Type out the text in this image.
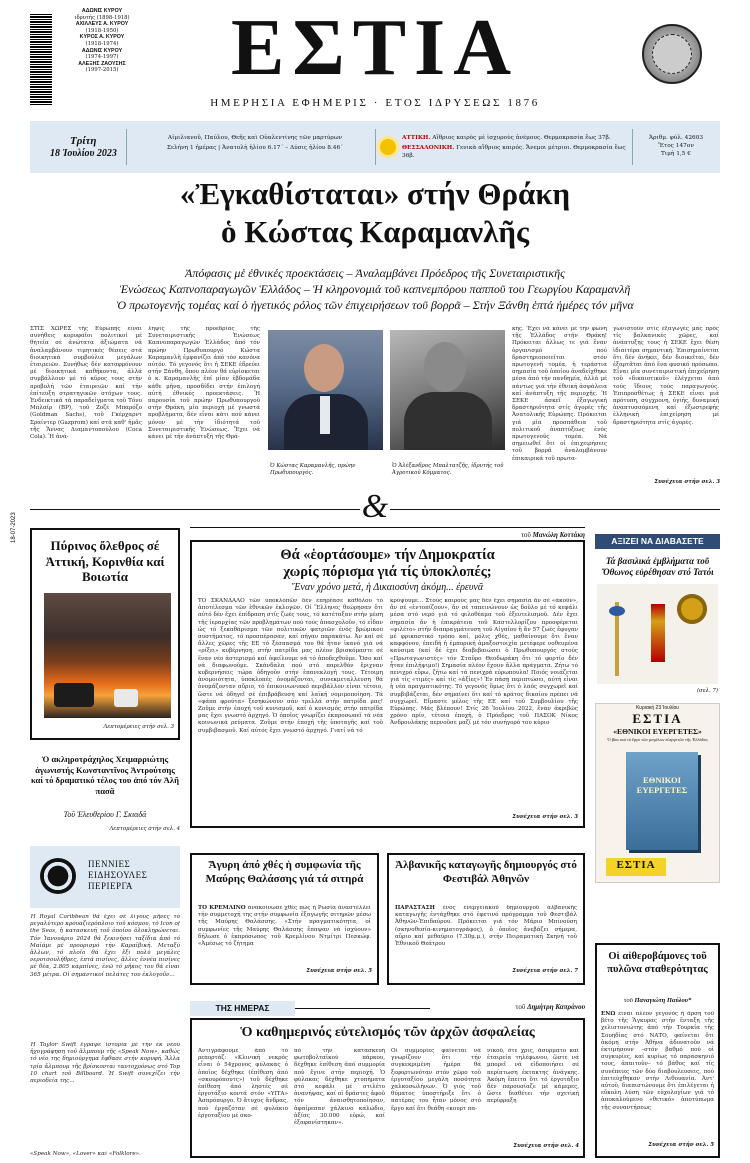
ΑΔΩΝΙΣ ΚΥΡΟΥ
ιδρυτής (1898-1918)
ΑΧΙΛΛΕΥΣ Α. ΚΥΡΟΥ
(1918-1950)
ΚΥΡΟΣ Α. ΚΥΡΟΥ
(1918-1974)
ΑΔΩΝΙΣ ΚΥΡΟΥ
(1974-1997)
ΑΛΕΞΗΣ ΖΑΟΥΣΗΣ
(1997-2015)	ΕΣΤΙΑ
ΗΜΕΡΗΣΙΑ ΕΦΗΜΕΡΙΣ · ΕΤΟΣ ΙΔΡΥΣΕΩΣ 1876
18-07-2023
Τρίτη
18 Ἰουλίου 2023
Αἰμιλιανοῦ, Παύλου, Θεῆς καὶ Οὐαλεντίνης τῶν μαρτύρων
Σελήνη 1 ἡμέρας | Ἀνατολὴ ἡλίου 6.17΄ – Δύσις ἡλίου 8.46΄
ΑΤΤΙΚΗ. Αἴθριος καιρὸς μὲ ἰσχυροὺς ἀνέμους. Θερμοκρασία ἕως 37β.
ΘΕΣΣΑΛΟΝΙΚΗ. Γενικὰ αἴθριος καιρός. Ἄνεμοι μέτριοι. Θερμοκρασία ἕως 36β.
Ἀριθμ. φύλ. 42603
Ἔτος 147ον
Τιμὴ 1,5 €
«Ἐγκαθίσταται» στήν Θράκη
ὁ Κώστας Καραμανλῆς
Ἀπόφασις μὲ ἐθνικές προεκτάσεις – Ἀναλαμβάνει Πρόεδρος τῆς Συνεταιριστικῆς
Ἑνώσεως Καπνοπαραγωγῶν Ἑλλάδος – Ἡ κληρονομιά τοῦ καπνεμπόρου παπποῦ του Γεωργίου Καραμανλῆ
Ὁ πρωτογενής τομέας καί ὁ ἡγετικός ρόλος τῶν ἐπιχειρήσεων τοῦ βορρᾶ – Στήν Ξάνθη ἑπτά ἡμέρες τόν μῆνα
ΣΤΙΣ ΧΩΡΕΣ τῆς Εὐρώπης εἶναι συνήθεις κορυφαῖοι πολιτικοί μέ θητεία σέ ἀνώτατα ἀξιώματα νά ἀναλαμβάνουν τιμητικές θέσεις στά διοικητικά συμβούλια μεγάλων ἑταιρειῶν. Συνήθως δέν καταφρόνουν μέ διοικητικά καθήκοντα, ἀλλά συμβάλλουν μέ τό κῦρος τους στήν προβολή τῶν ἑταιρειῶν καί τήν ἐπίτευξη στρατηγικῶν στόχων τους. Ἐνδεικτικά τά παραδείγματα τοῦ Τόνυ Μπλαίρ (BP), τοῦ Ζοζέ Μπαρόζο (Goldman Sachs), τοῦ Γκέρχαρντ Σραίντερ (Gazprom) καί στά καθ' ἡμᾶς τῆς Ἄννας Διαμαντοπούλου (Coca Cola). Ἡ ἀνά-
ληψις τῆς προεδρίας τῆς Συνεταιριστικῆς Ἑνώσεως Καπνοπαραγωγῶν Ἑλλάδος ἀπό τόν πρώην Πρωθυπουργό Κώστα Καραμανλῆ ἐμφανίζει ἀπό τόν κανόνα αὐτόν. Τό γεγονός ὅτι ἡ ΣΕΚΕ ἑδρεύει στήν Ξάνθη, ὅπου πλέον θά εὑρίσκεται ὁ κ. Καραμανλῆς ἐπί μίαν ἑβδομάδα κάθε μῆνα, προσδίδει στήν ἐπιλογή αὐτή ἐθνικές προεκτάσεις. Ἡ παρουσία τοῦ πρώην Πρωθυπουργοῦ στήν Θράκη, μία περιοχή μέ γνωστά προβλήματα, δέν εἶναι κάτι πού κάνει μόνον μέ τήν ἰδιότητά τοῦ Συνεταιριστικῆς Ἑνώσεως. Ἔχει νά κάνει μέ τήν ἀνάπτυξη τῆς Θρά-
Ὁ Κώστας Καραμανλῆς, πρώην Πρωθυπουργός.
Ὁ Ἀλέξανδρος Μπαλτατζῆς, ἱδρυτής τοῦ Ἀγροτικοῦ Κόμματος.
κης. Ἔχει νά κάνει μέ τήν φωνή τῆς Ἑλλάδος στήν Θράκη! Πρόκειται ἄλλως τε γιά ἕναν ὀργανισμό πού δραστηριοποιεῖται στόν πρωτογενῆ τομέα, ἡ τεράστια σημασία τοῦ ὁποίου ἀναδείχθηκε μέσα ἀπό τήν πανδημία, ἀλλά μέ πάντως γιά τήν ἐθνική ἀσφάλεια καί ἀνάπτυξη τῆς περιοχῆς. Ἡ ΣΕΚΕ ἀσκεῖ ἐξαγωγική δραστηριότητα στίς ἀγορές τῆς Ἀνατολικῆς Εὐρώπης. Πρόκειται γιά μία προσπάθεια τοῦ πολιτικοῦ ἀναπτύξεως ἑνός πρωτογενοῦς τομέα. Νά σημειωθεῖ ὅτι οἱ ἐπιχειρήσεις τοῦ βορρᾶ ἀναλαμβάνουν ἐπικαιρικά τοῦ πρωτα-
γωνιστοῦν στίς ἐξαγωγές μας πρός τίς βαλκανικές χῶρες, καί ἀνάπτυξης τους ἡ ΣΕΚΕ ἔχει θέση ἰδιαιτέρα σημαντική. Ἐπισημαίνεται ὅτι δέν ἀνήκει, δέν διοικεῖται, δέν ἐξαρτᾶται ἀπό ἕνα φυσικό πρόσωπο. Εἶναι μία συνεταιριστική ἐπιχείρηση τοῦ «δικαιοτικοῦ» ἐλέγχεται ἀπό τούς ἴδιους τούς παραγωγούς. Ἐπιπροσθέτως ἡ ΣΕΚΕ εἶναι μιά πρότυπη, σύγχρονη, ὑγιής, δυναμική ἀναπτυσσόμενη καί ἐξωστρεφής ἑλληνική ἐπιχείρηση μέ δραστηριότητα στίς ἀγορές.
Συνέχεια στήν σελ. 3
&
Πύρινος ὄλεθρος σέ Ἀττική, Κορινθία καί Βοιωτία
Λεπτομέρειες στήν σελ. 3
Ὁ ακληροτράχηλος Χειμαρριώτης ἀγωνιστής Κωνσταντῖνος Ἀντρούτσης καί τό δραματικό τέλος του ἀπό τόν Ἀλῆ πασᾶ
Τοῦ Ἐλευθερίου Γ. Σκιαδᾶ
Λεπτομέρειες στήν σελ. 4
ΠΕΝΝΙΕΣ ΕΙΔΗΣΟΥΛΕΣ ΠΕΡΙΕΡΓΑ
Ἡ Royal Caribbean θά ἔχει σέ λίγους μῆνες τό μεγαλύτερο κρουαζιερόπλοιο τοῦ κόσμου, τό Icon of the Seas, ἡ κατασκευή τοῦ ὁποίου ὁλοκληρώνεται. Τόν Ἰανουάριο 2024 θά ξεκινήσει ταξίδια ἀπό τό Μαϊάμι μέ προορισμό τήν Καραϊβική. Μεταξύ ἄλλων, τό πλοῖο θά ἔχει ἕξι πολύ μεγάλες νεροτσουλήθρες, ἑπτά πισίνες, ἄλλες ἑννέα πισίνες μέ θέα, 2.805 καμπίνες, ἐνῶ τό μῆκος του θά εἶναι 365 μέτρα. Οἱ σημαντικοί πελάτες του ἐκλογοῦν...
Ἡ Taylor Swift ἔγραψε ἱστορία μέ τήν ἐκ νέου ἠχογράφηση τοῦ ἄλμπουμ τῆς «Speak Now», καθώς τό νέο της δημιούργημα ἔφθασε στήν κορυφή. Ἄλλα τρία ἄλμπουμ τῆς βρίσκονται ταυτοχρόνως στό Top 10 chart τοῦ Billboard. Ἡ Swift συνεχίζει τήν περιοδεία της...
«Speak Now», «Lover» καί «Folklore».
τοῦ Μανώλη Κοττάκη
Θά «ἑορτάσουμε» τήν Δημοκρατία
χωρίς πόρισμα γιά τίς ὑποκλοπές;
Ἕναν χρόνο μετά, ἡ Δικαιοσύνη ἀκόμη... ἐρευνᾶ
ΤΟ ΣΚΑΝΔΑΛΟ τῶν ὑποκλοπῶν δέν ἐπηρέασε καθόλου τό ἀποτέλεσμα τῶν ἐθνικῶν ἐκλογῶν. Οἱ Ἕλληνες θεώρησαν ὅτι αὐτό δέν ἔχει ἐπίδραση στίς ζωές τους, τό κατέταξαν στήν μέση τῆς ἱεραρχίας τῶν προβλημάτων πού τούς ἀπασχολοῦν, τό εἶδαν ὡς τό ξεκαθάρισμα τῶν πολιτικῶν φατριῶν ἑνός βρώμικου συστήματος, τό προσπέρασαν, καί πήγαν παρακάτω. Ἀν καί σέ ἄλλες χῶρες τῆς ΕΕ τό ξέσπασμά του θά ἦταν ἱκανό γιά νά «ρίξει» κυβέρνηση, στήν πατρίδα μας πλέον βρισκόμαστε σέ ἕναν νέο ἀστερισμό καί ὀφείλουμε νά τό ἀποδεχθοῦμε. Ὅσο καί νά διαφωνοῦμε. Σκάνδαλα πού στό παρελθόν ἔριχναν κυβερνήσεις τώρα ὁδηγοῦν στήν ἐπανεκλογή τους. Τέτοιμη ἀνομοιότητα, ὑποκλοπές ὀνομάζονται, συνεκμεταλλευση θά ὀνομάζονταν αὔριο, τό ἐπικοινωνιακό περιβάλλον εἶναι τέτοιο, ὥστε νά ὁδηγεῖ σέ ἐπιβράβευση καί λαϊκή νομιμοποίηση. Τά «φάπα φρούτα» ξεσηκώνουν σάν τρελλά στήν πατρίδα μας! Ζοῦμε στήν ἐποχή τοῦ κυνισμοῦ, καί ὁ κυνισμός στήν πατρίδα μας ἔχει γνωστό ἀρχηγό. Ὁ ὁποῖος γνωρίζει ἐκπροσωπεῖ τά νέα κοινωνικά ρεύματα. Ζοῦμε στήν ἐποχή τῆς ὑποταγῆς καί τοῦ συμβιβασμοῦ. Καί αὐτός ἔχει γνωστό ἀρχηγό. Γιατί νά τό
κρύψουμε... Στούς καιρούς μας δέν ἔχει σημασία ἄν σέ «ἀκοῦν», ἄν σέ «ἐντοπίζουν», ἄν σέ ταπεινώνουν ὡς δοῦλο μέ τό κεφάλι μέσα στό νερό γιά τό φιλοθέαμα τοῦ ἐξευτελισμοῦ. Δέν ἔχει σημασία ἄν ἡ ἐπικράτεια τοῦ Καστελλορίζου προσφέρεται «φιλέτο» στήν διαπραγμάτευση τοῦ Αἰγαίου ἤ ἄν 57 ζωές ἔφυγαν μέ φρικαστικό τρόπο καί, μόλις χθές, μαθαίνουμε ὅτι ἕναν καφφόνου, ἐπειδή ἡ ἐμπορική ἀμαξοστοιχία μετέφερε νοθευμένα καύσιμα (καί δέ ἐχει διαβεβαιώσει ὁ Πρωθυπουργός στούς «Πρωταγωνιστές» τόν Σταῦρο Θεοδωράκη ὅτι τό φορτίο δέν ἦταν ἐπιλήψιμο!) Σημασία πλέον ἔχουν ἄλλα πράγματα. Ζήτω τό πενιχρό εὖρω, ζήτω καί τά πενιχρά εὐρωπουλα! Ποιός νοιάζεται γιά τίς «τιμές» καί τίς «ἀξίες»! Ἐν πάσῃ περιπτώσει, αὐτή εἶναι ἡ νέα πραγματικότης. Τό γεγονός ὅμως ὅτι ὁ λαός συγχωρεῖ καί συμβιβάζεται, δέν σημαίνει ὅτι καί τό κράτος δικαίου πρέπει νά συγχωρεῖ. Εἴμαστε μέλος τῆς ΕΕ καί τοῦ Συμβουλίου τῆς Εὐρώπης. Μάς βλέπουν! Στίς 26 Ἰουλίου 2022, ἕναν ἀκριβῶς χρόνο πρίν, τέτοια ἐποχή, ὁ Πρόεδρος τοῦ ΠΑΣΟΚ Νίκος Ἀνδρουλάκης περνοῦσε μαζί μέ τόν συνήγορό του κύριο
Συνέχεια στήν σελ. 3
Ἄγυρη ἀπό χθές ἡ συμφωνία τῆς Μαύρης Θαλάσσης γιά τά σιτηρά
ΤΟ ΚΡΕΜΛΙΝΟ ἀνακοίνωσε χθές πώς ἡ Ρωσία ἀναστέλλει τήν συμμετοχή της στήν συμφωνία ἐξαγωγῆς σιτηρῶν μέσω τῆς Μαύρης Θαλάσσης. «Στήν πραγματικότητα, οἱ συμφωνίες τῆς Μαύρης Θαλάσσης ἔπαψαν νά ἰσχύουν» δήλωσε ὁ ἐκπρόσωπος τοῦ Κρεμλίνου Ντμίτρι Πεσκώφ. «Ἀμέσως τό ζήτημα
Συνέχεια στήν σελ. 5
Ἀλβανικῆς καταγωγῆς δημιουργός στό Φεστιβάλ Ἀθηνῶν
ΠΑΡΑΣΤΑΣΗ ἑνός ἐνεργειακοῦ δημιουργοῦ ἀλβανικῆς καταγωγῆς ἐντάχθηκε στό ἐφετινό πρόγραμμα τοῦ Φεστιβάλ Ἀθηνῶν-Ἐπιδαύρου. Πρόκειται γιά τόν Μάριο Μπινούση (σκηνοθεσία-κινηματογράφος), ὁ ὁποῖος ἀνεβάζει σήμερα, αὔριο καί μεθαύριο (7.30μ.μ.), στήν Πειραματική Σκηνή τοῦ Ἐθνικοῦ Θεάτρου
Συνέχεια στήν σελ. 7
ΑΞΙΖΕΙ ΝΑ ΔΙΑΒΑΣΕΤΕ
Τά βασιλικά ἐμβλήματα τοῦ Ὄθωνος εὑρέθησαν στό Τατόι
(σελ. 7)
Κυριακή 23 Ἰουλίου
ΕΣΤΙΑ
«ΕΘΝΙΚΟΙ ΕΥΕΡΓΕΤΕΣ»
Ὁ βίος καί τό ἔργο τῶν μεγάλων εὐεργετῶν τῆς Ἑλλάδος
ΕΘΝΙΚΟΙ ΕΥΕΡΓΕΤΕΣ
ΕΣΤΙΑ
Οἱ αἰθεροβάμονες τοῦ πυλῶνα σταθερότητας
τοῦ Παναγιώτη Παύλου*
ΕΝΩ εἶναι πλέον γεγονός ἡ ἄρση τοῦ βέτο τῆς Ἄγκυρας στήν ἔνταξη τῆς χελιστονιώτης ἀπό τήν Τουρκία τῆς Σουηδίας στό ΝΑΤΟ, φαίνεται ὅτι ἀκόμη στήν Ἀθήνα ἀδυνατοῦν νά ἐκτιμήσουν –στόν βαθμό πού οἱ συγκυρίες, καί κυρίως τό παρασκηνιό τους, ἀπαιτοῦν– τό βάθος καί τίς συνέπειες τῶν δύο διαβουλευσεις, πού ἐπιτεύχθηκαν στήν Λιθουανία. Ἀντ' αὐτοῦ, διαπιστώνουμε ὅτι ἐπιλέγεται ἡ εὔκολη λύση τῶν εὐχολογίων γιά τό ἀποκαλούμενο «θετικό» ἀποτύπωμα τῆς συναντήσεως
Συνέχεια στήν σελ. 5
ΤΗΣ ΗΜΕΡΑΣ	τοῦ Δημήτρη Καπράνου
Ὁ καθημερινός εὐτελισμός τῶν ἀρχῶν ἀσφαλείας
Ἀντιγράφουμε ἀπό τό ρεπορτάζ: «Κλινική νεκρός εἶναι ὁ 54χρονος φύλακας ὁ ὁποῖος δέχθηκε (ἐπίθεση ἀπό «σκουρόπουτς») τοῦ δέχθηκε ἐπίθεση ἀπό ληστές σέ ἐργοτάξιο κοντά στόν «ΥΙΤΑ» Ἀσπρόπυργο. Ὁ ἄτυχος ἄνδρας, πού ἐργαζόταν σέ φυλάκιο ἐργοταξίου μέ σκο-
πό τήν κατασκευή φωτοβολταϊκού πάρκου, δέχθηκε ἐπίθεση ἀπό συμμορία πού ἔγινε στήν περιοχή. Ὁ φύλακας δέχθηκε χτυπήματα στό κεφάλι μέ στιλέτο ἀνανήψας, καί οἱ δράστες ἀφοῦ τόν ἀναισθητοποίησαν, ἀφαίρεσαν χάλκινο καλώδιο, ἀξίας 30.000 εὐρώ, καί ἐξαφανίστηκαν».
Οἱ συμμορίες φαίνεται νά γνωρίζουν ὅτι τήν συγκεκριμένη ἡμέρα θά ξεφορτωνόταν στόν χῶρο τοῦ ἐργοταξίου μεγάλη ποσότητα χαλκοσωλήνων. Ὁ γιός τοῦ θύματος ὑποστήριξε ὅτι ὁ πατέρας του ἦταν μόνος στό ἔργο καί ὅτι θεάθη «κουρτ πα-
νικοῦ, ὅτε χρις, ἄσυρματο καί ἑταιρεία τηλέφωνου, ὥστε νά μπορεῖ νά εἰδοποιήσει σέ περίπτωση ἐκτακτης ἀνάγκης. Ἀκόμη ἔπειτα ὅτι τό ἐργοτάξιο δέν παρουσίαζε μέ κάμερες, ὥστε διαθέτει τήν σχετική περίφραξη
Συνέχεια στήν σελ. 4
